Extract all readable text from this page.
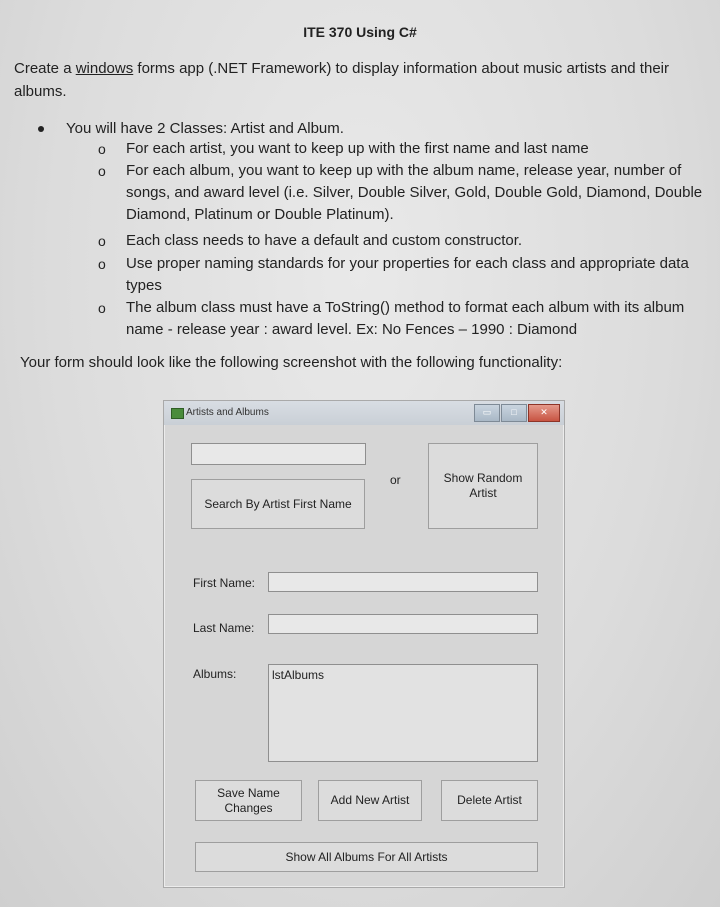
ITE 370 Using C#
Create a windows forms app (.NET Framework) to display information about music artists and their albums.
You will have 2 Classes: Artist and Album.
o For each artist, you want to keep up with the first name and last name
o For each album, you want to keep up with the album name, release year, number of songs, and award level (i.e. Silver, Double Silver, Gold, Double Gold, Diamond, Double Diamond, Platinum or Double Platinum).
o Each class needs to have a default and custom constructor.
o Use proper naming standards for your properties for each class and appropriate data types
o The album class must have a ToString() method to format each album with its album name - release year : award level. Ex: No Fences – 1990 : Diamond
Your form should look like the following screenshot with the following functionality:
Artists and Albums	▭	□	✕
Search By Artist First Name
or	Show Random Artist
First Name:
Last Name:
Albums:	lstAlbums
Save Name Changes
Add New Artist	Delete Artist
Show All Albums For All Artists
